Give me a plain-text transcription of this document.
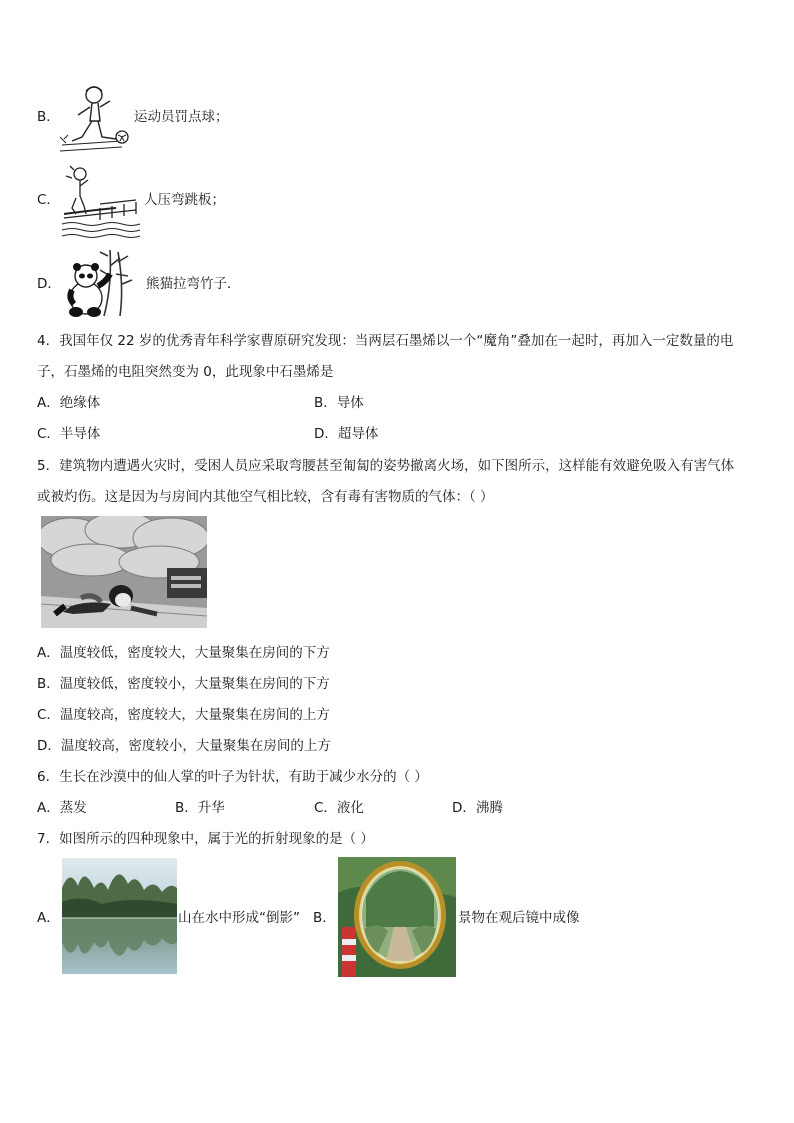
B．	运动员罚点球；
C．	人压弯跳板；
D．	熊猫拉弯竹子．
4．我国年仅 22 岁的优秀青年科学家曹原研究发现：当两层石墨烯以一个“魔角”叠加在一起时，再加入一定数量的电
子，石墨烯的电阻突然变为 0，此现象中石墨烯是
A．绝缘体	B．导体
C．半导体	D．超导体
5．建筑物内遭遇火灾时，受困人员应采取弯腰甚至匍匐的姿势撤离火场，如下图所示，这样能有效避免吸入有害气体
或被灼伤。这是因为与房间内其他空气相比较，含有毒有害物质的气体：（ ）
A．温度较低，密度较大，大量聚集在房间的下方
B．温度较低，密度较小，大量聚集在房间的下方
C．温度较高，密度较大，大量聚集在房间的上方
D．温度较高，密度较小，大量聚集在房间的上方
6．生长在沙漠中的仙人掌的叶子为针状，有助于减少水分的（ ）
A．蒸发	B．升华	C．液化	D．沸腾
7．如图所示的四种现象中，属于光的折射现象的是（ ）
A．	山在水中形成“倒影” B．	景物在观后镜中成像
